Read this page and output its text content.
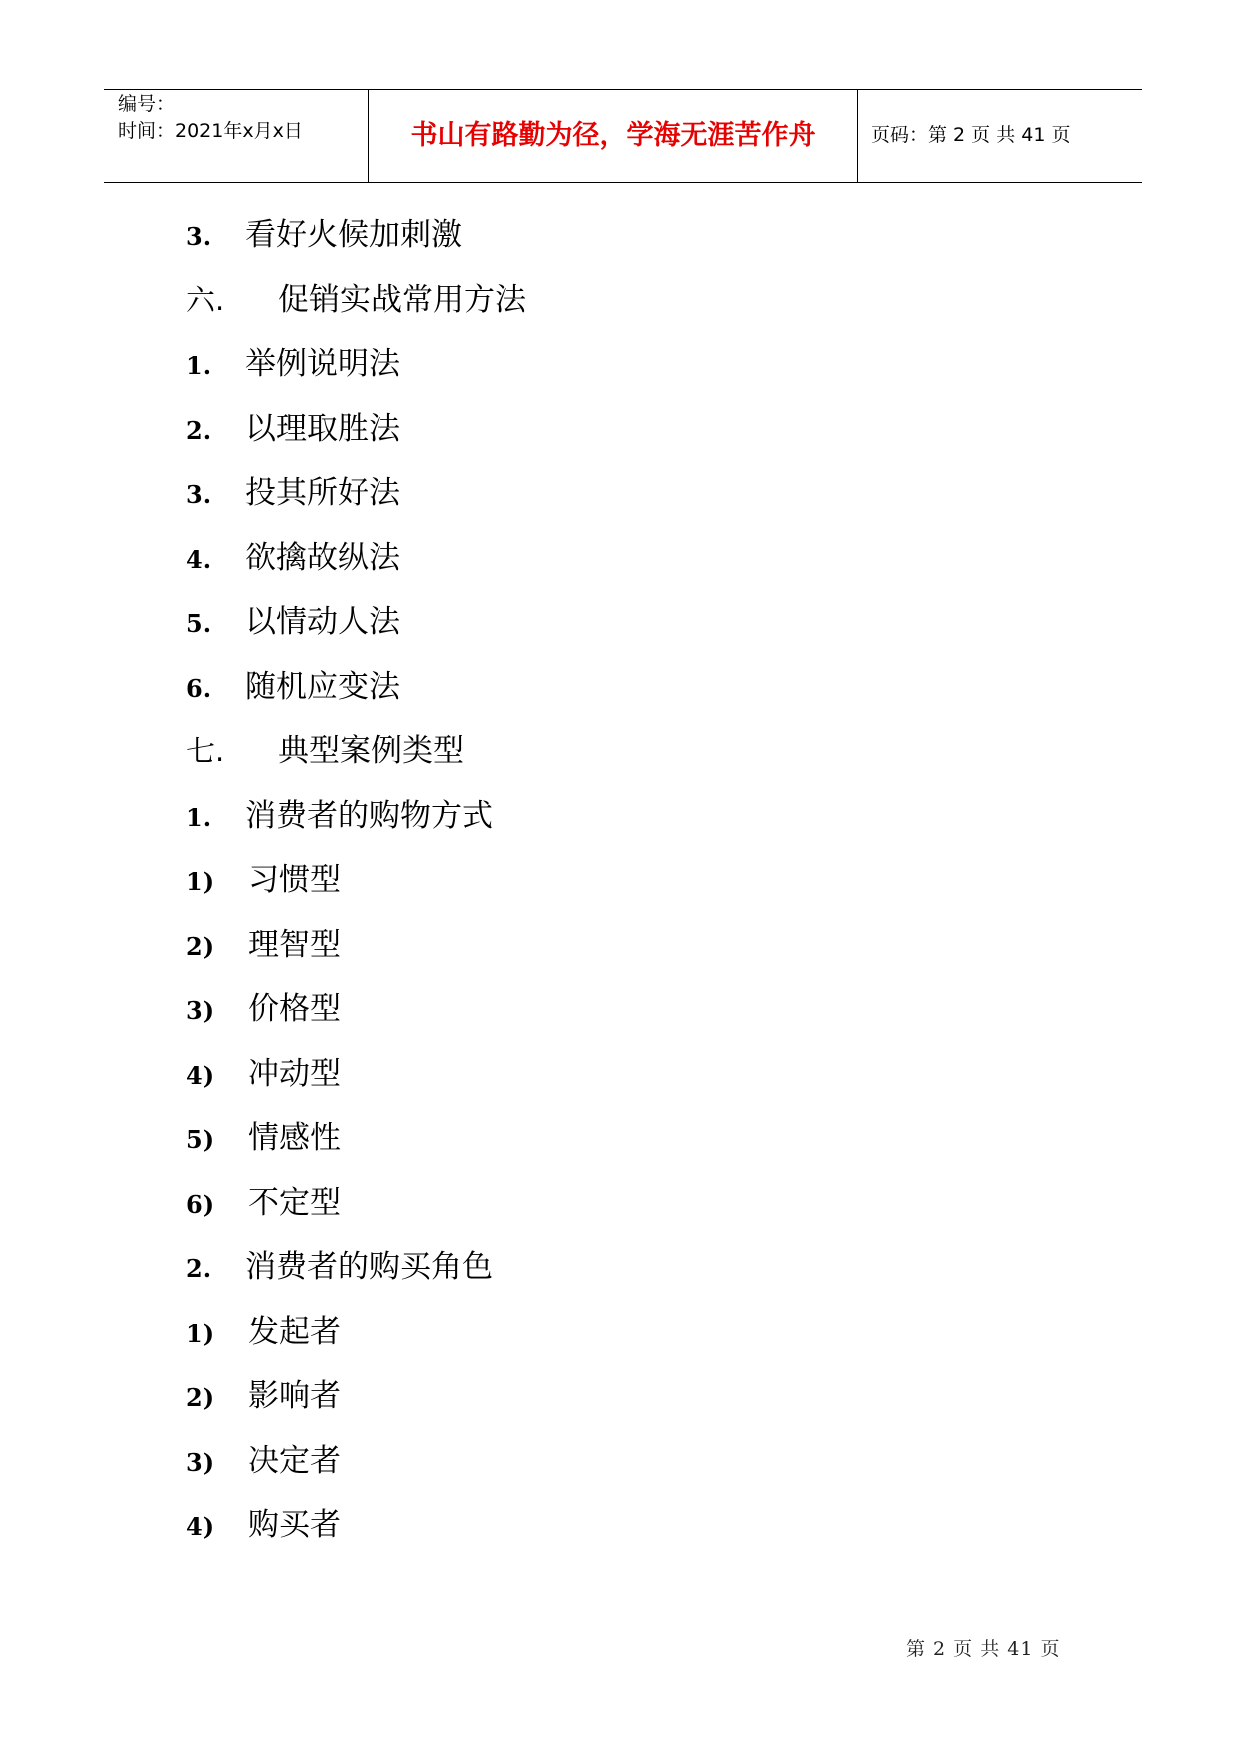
编号：
时间：2021年x月x日	书山有路勤为径，学海无涯苦作舟	页码：第 2 页 共 41 页
3. 看好火候加刺激
六. 促销实战常用方法
1. 举例说明法
2. 以理取胜法
3. 投其所好法
4. 欲擒故纵法
5. 以情动人法
6. 随机应变法
七. 典型案例类型
1. 消费者的购物方式
1) 习惯型
2) 理智型
3) 价格型
4) 冲动型
5) 情感性
6) 不定型
2. 消费者的购买角色
1) 发起者
2) 影响者
3) 决定者
4) 购买者
第 2 页 共 41 页
